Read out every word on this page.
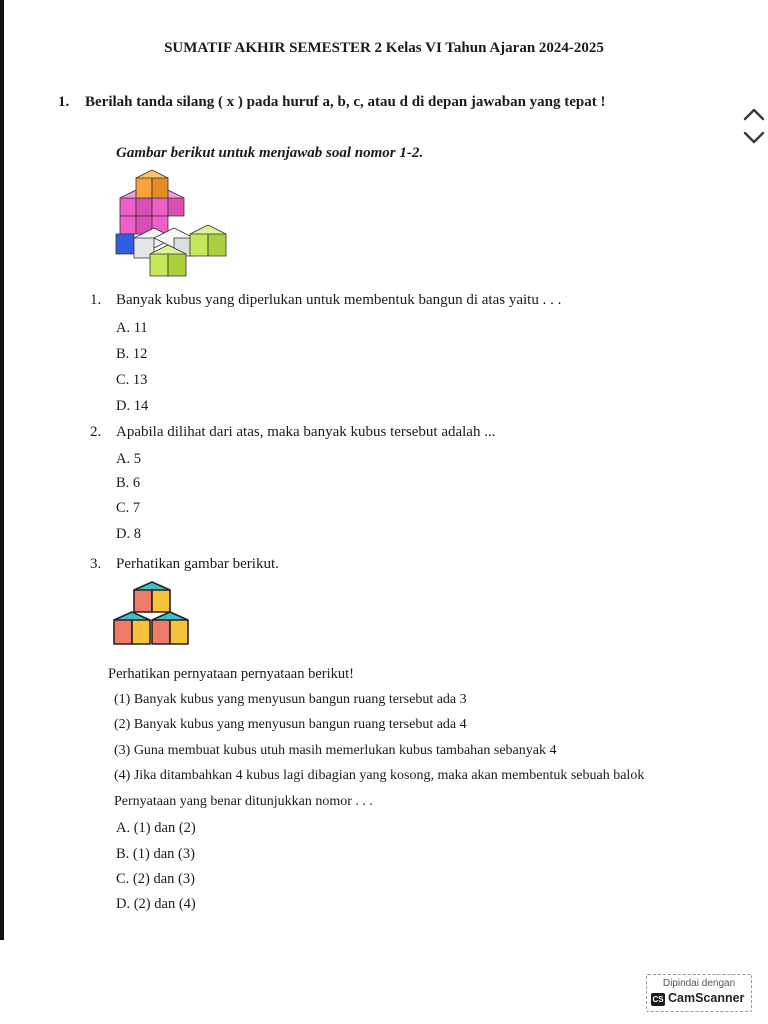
SUMATIF AKHIR SEMESTER 2 Kelas VI Tahun Ajaran 2024-2025
1. Berilah tanda silang ( x ) pada huruf a, b, c, atau d di depan jawaban yang tepat !
Gambar berikut untuk menjawab soal nomor 1-2.
1. Banyak kubus yang diperlukan untuk membentuk bangun di atas yaitu . . .
A. 11
B. 12
C. 13
D. 14
2. Apabila dilihat dari atas, maka banyak kubus tersebut adalah ...
A. 5
B. 6
C. 7
D. 8
3. Perhatikan gambar berikut.
Perhatikan pernyataan pernyataan berikut!
(1) Banyak kubus yang menyusun bangun ruang tersebut ada 3
(2) Banyak kubus yang menyusun bangun ruang tersebut ada 4
(3) Guna membuat kubus utuh masih memerlukan kubus tambahan sebanyak 4
(4) Jika ditambahkan 4 kubus lagi dibagian yang kosong, maka akan membentuk sebuah balok
Pernyataan yang benar ditunjukkan nomor . . .
A. (1) dan (2)
B. (1) dan (3)
C. (2) dan (3)
D. (2) dan (4)
Dipindai dengan
CS CamScanner
